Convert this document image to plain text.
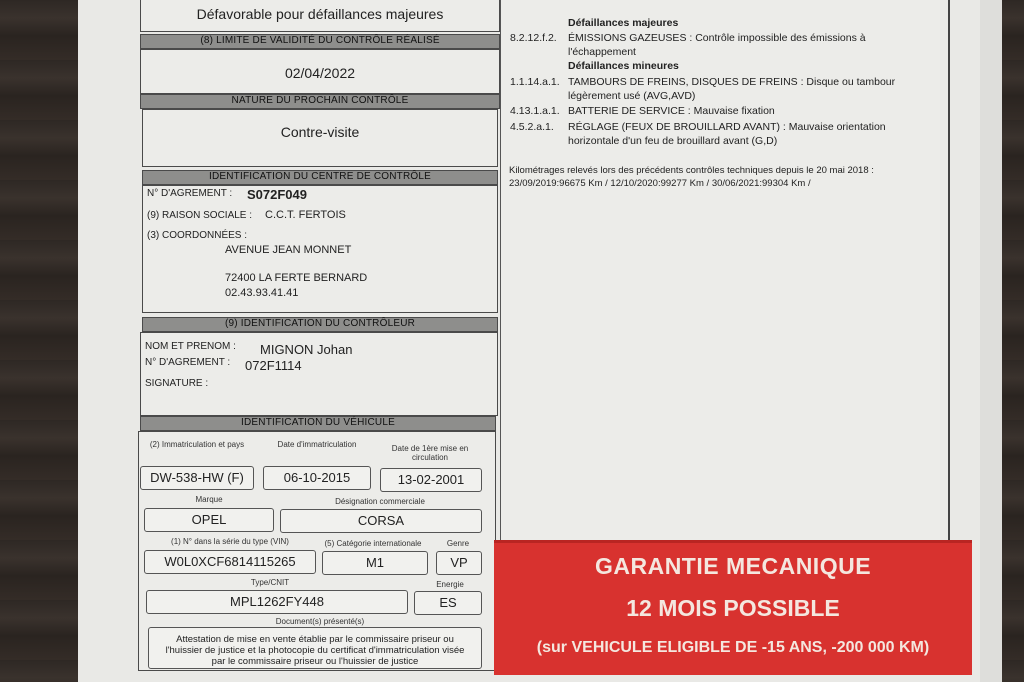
Défavorable pour défaillances majeures
(8) LIMITE DE VALIDITÉ DU CONTRÔLE RÉALISÉ
02/04/2022
NATURE DU PROCHAIN CONTRÔLE
Contre-visite
IDENTIFICATION DU CENTRE DE CONTRÔLE
N° D'AGREMENT : S072F049
(9) RAISON SOCIALE : C.C.T. FERTOIS
(3) COORDONNÉES :
AVENUE JEAN MONNET
72400 LA FERTE BERNARD
02.43.93.41.41
(9) IDENTIFICATION DU CONTRÔLEUR
NOM ET PRENOM : MIGNON Johan
N° D'AGREMENT : 072F1114
SIGNATURE :
IDENTIFICATION DU VÉHICULE
(2) Immatriculation et pays	Date d'immatriculation	Date de 1ère mise en
circulation
DW-538-HW (F)	06-10-2015	13-02-2001
Marque	Désignation commerciale
OPEL	CORSA
(1) N° dans la série du type (VIN)	(5) Catégorie internationale	Genre
W0L0XCF6814115265	M1	VP
Type/CNIT	Energie
MPL1262FY448	ES
Document(s) présenté(s)
Attestation de mise en vente établie par le commissaire priseur ou
l'huissier de justice et la photocopie du certificat d'immatriculation visée
par le commissaire priseur ou l'huissier de justice
Défaillances majeures
8.2.12.f.2. ÉMISSIONS GAZEUSES : Contrôle impossible des émissions à
l'échappement
Défaillances mineures
1.1.14.a.1. TAMBOURS DE FREINS, DISQUES DE FREINS : Disque ou tambour
légèrement usé (AVG,AVD)
4.13.1.a.1. BATTERIE DE SERVICE : Mauvaise fixation
4.5.2.a.1. RÉGLAGE (FEUX DE BROUILLARD AVANT) : Mauvaise orientation
horizontale d'un feu de brouillard avant (G,D)
Kilométrages relevés lors des précédents contrôles techniques depuis le 20 mai 2018 :
23/09/2019:96675 Km / 12/10/2020:99277 Km / 30/06/2021:99304 Km /
GARANTIE MECANIQUE
12 MOIS POSSIBLE
(sur VEHICULE ELIGIBLE DE -15 ANS, -200 000 KM)
